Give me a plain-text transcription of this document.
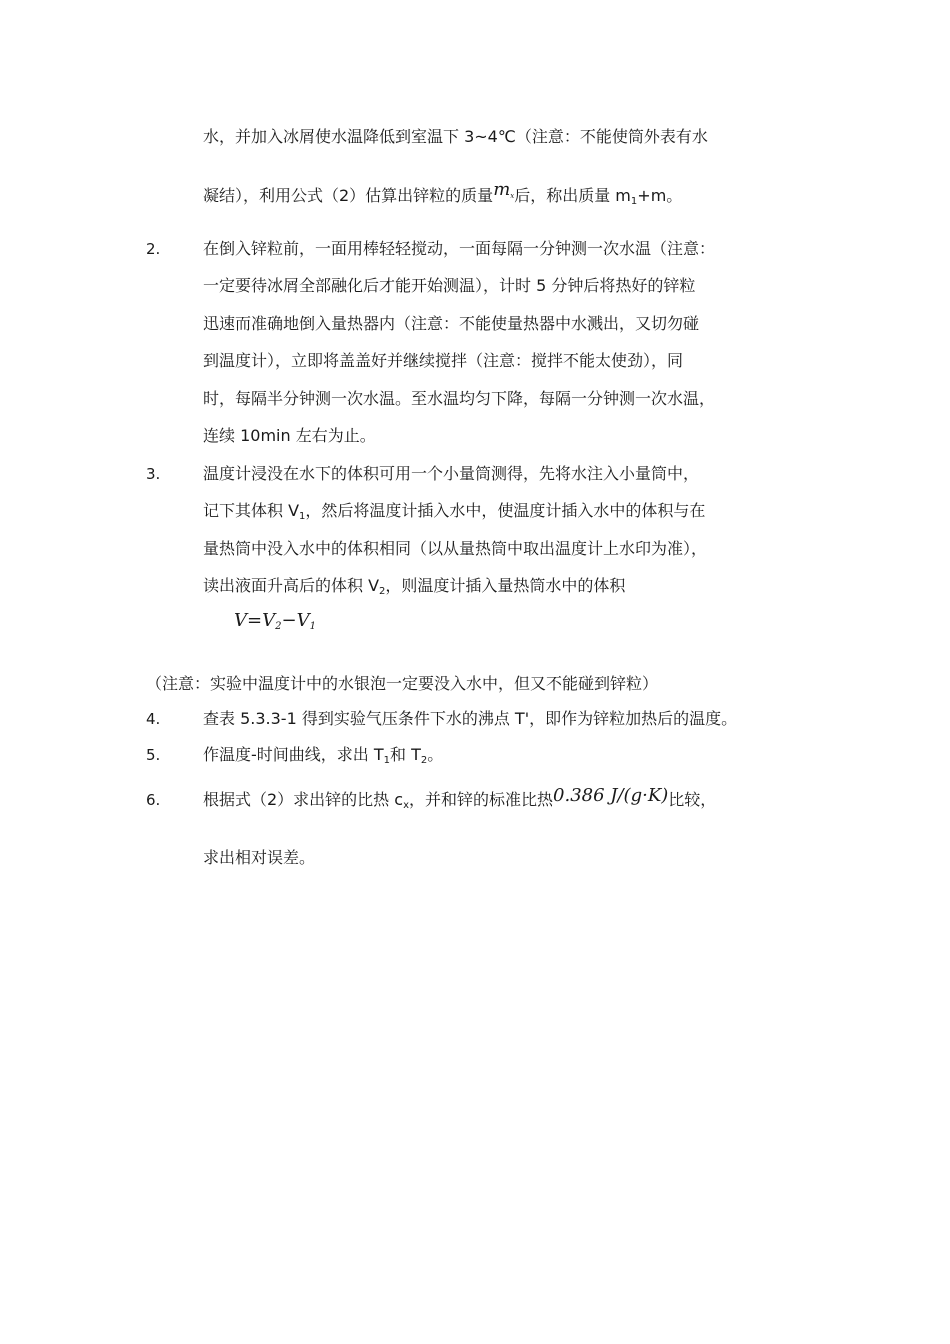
水，并加入冰屑使水温降低到室温下 3~4℃（注意：不能使筒外表有水
凝结），利用公式（2）估算出锌粒的质量$m_x$后，称出质量 $m_1+m$。
2.	在倒入锌粒前，一面用棒轻轻搅动，一面每隔一分钟测一次水温（注意：
一定要待冰屑全部融化后才能开始测温），计时 5 分钟后将热好的锌粒
迅速而准确地倒入量热器内（注意：不能使量热器中水溅出，又切勿碰
到温度计），立即将盖盖好并继续搅拌（注意：搅拌不能太使劲），同
时，每隔半分钟测一次水温。至水温均匀下降，每隔一分钟测一次水温，
连续 10min 左右为止。
3.	温度计浸没在水下的体积可用一个小量筒测得，先将水注入小量筒中，
记下其体积 $V_1$，然后将温度计插入水中，使温度计插入水中的体积与在
量热筒中没入水中的体积相同（以从量热筒中取出温度计上水印为准），
读出液面升高后的体积 $V_2$，则温度计插入量热筒水中的体积
$V=V_2-V_1$
（注意：实验中温度计中的水银泡一定要没入水中，但又不能碰到锌粒）
4.	查表 5.3.3-1 得到实验气压条件下水的沸点 T'，即作为锌粒加热后的温度。
5.	作温度-时间曲线，求出 $T_1$和 $T_2$。
6.	根据式（2）求出锌的比热 $c_x$，并和锌的标准比热0.386 J/(g·K)比较，
求出相对误差。
